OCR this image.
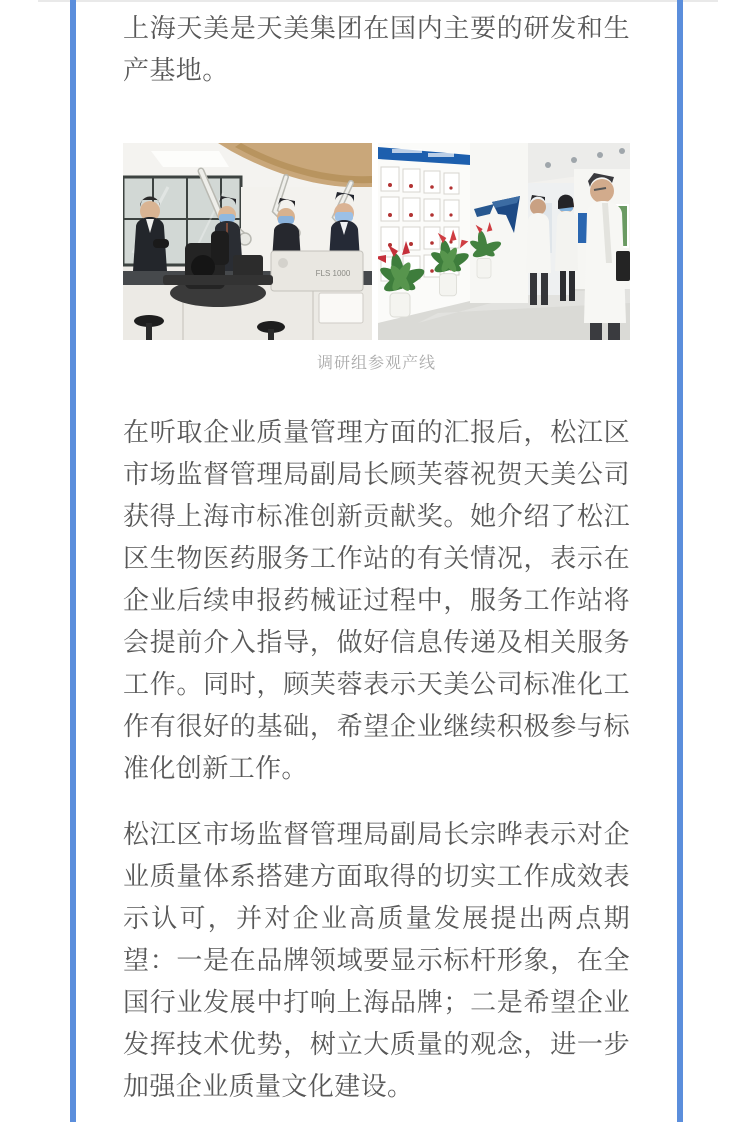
上海天美是天美集团在国内主要的研发和生产基地。

FLS 1000
调研组参观产线

在听取企业质量管理方面的汇报后，松江区市场监督管理局副局长顾芙蓉祝贺天美公司获得上海市标准创新贡献奖。她介绍了松江区生物医药服务工作站的有关情况，表示在企业后续申报药械证过程中，服务工作站将会提前介入指导，做好信息传递及相关服务工作。同时，顾芙蓉表示天美公司标准化工作有很好的基础，希望企业继续积极参与标准化创新工作。

松江区市场监督管理局副局长宗晔表示对企业质量体系搭建方面取得的切实工作成效表示认可，并对企业高质量发展提出两点期望：一是在品牌领域要显示标杆形象，在全国行业发展中打响上海品牌；二是希望企业发挥技术优势，树立大质量的观念，进一步加强企业质量文化建设。
